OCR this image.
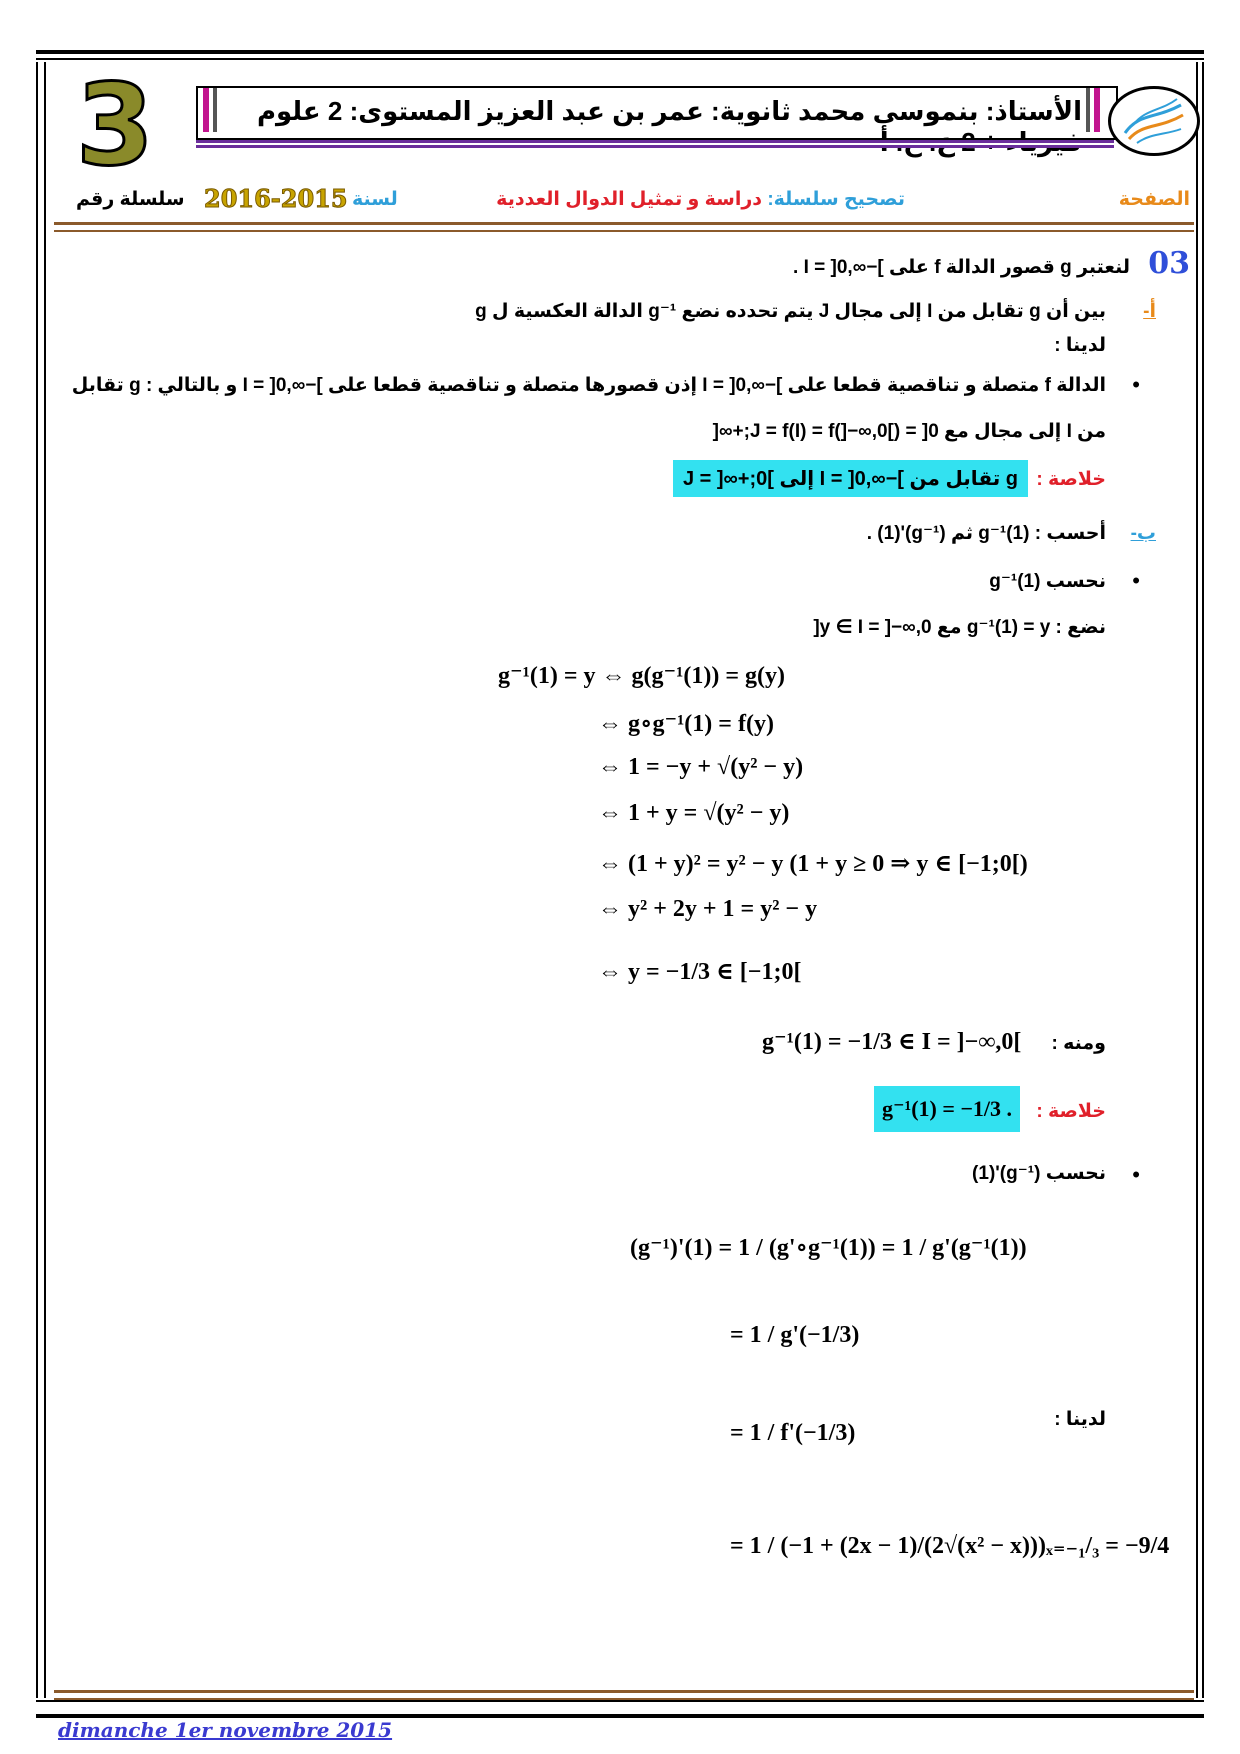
3	الأستاذ: بنموسى محمد ثانوية: عمر بن عبد العزيز المستوى: 2 علوم
الصفحة
تصحيح سلسلة: دراسة و تمثيل الدوال العددية
لسنة
2016-2015
سلسلة رقم
03
لنعتبر g قصور الدالة f على ]−∞,0[ = I .
أ-
بين أن g تقابل من I إلى مجال J يتم تحدده نضع g⁻¹ الدالة العكسية ل g
لدينا :
•
الدالة f متصلة و تناقصية قطعا على ]−∞,0[ = I إذن قصورها متصلة و تناقصية قطعا على ]−∞,0[ = I و بالتالي : g تقابل
من I إلى مجال مع J = f(I) = f(]−∞,0[) = ]0;+∞[
خلاصة :
g تقابل من ]−∞,0[ = I إلى ]0;+∞[ = J
ب-
أحسب : g⁻¹(1) ثم (g⁻¹)'(1) .
•
نحسب g⁻¹(1)
نضع : g⁻¹(1) = y مع y ∈ I = ]−∞,0[
g⁻¹(1) = y ⇔ g(g⁻¹(1)) = g(y)
⇔ g∘g⁻¹(1) = f(y)
⇔ 1 = −y + √(y² − y)
⇔ 1 + y = √(y² − y)
⇔ (1 + y)² = y² − y (1 + y ≥ 0 ⇒ y ∈ [−1;0[)
⇔ y² + 2y + 1 = y² − y
⇔ y = −1/3 ∈ [−1;0[
ومنه :
g⁻¹(1) = −1/3 ∈ I = ]−∞,0[
خلاصة :
g⁻¹(1) = −1/3 .
•
نحسب (g⁻¹)'(1)
(g⁻¹)'(1) = 1 / (g'∘g⁻¹(1)) = 1 / g'(g⁻¹(1))
= 1 / g'(−1/3)
لدينا :
= 1 / f'(−1/3)
= 1 / (−1 + (2x − 1)/(2√(x² − x)))ₓ₌₋₁/₃ = −9/4
dimanche 1er novembre 2015
